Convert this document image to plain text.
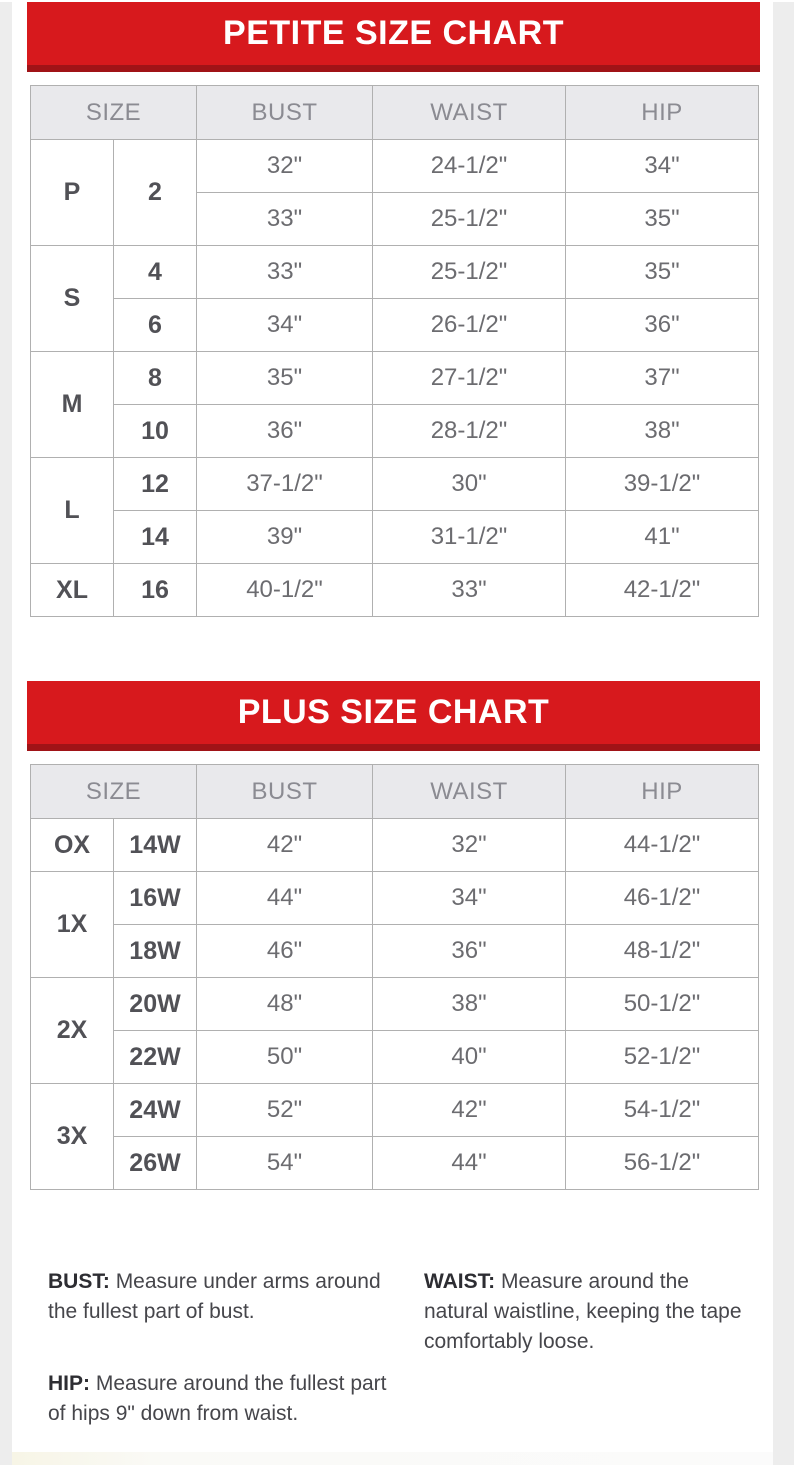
PETITE SIZE CHART
SIZE		BUST	WAIST	HIP
P	2	32"	24-1/2"	34"
		33"	25-1/2"	35"
S	4	33"	25-1/2"	35"
	6	34"	26-1/2"	36"
M	8	35"	27-1/2"	37"
	10	36"	28-1/2"	38"
L	12	37-1/2"	30"	39-1/2"
	14	39"	31-1/2"	41"
XL	16	40-1/2"	33"	42-1/2"
PLUS SIZE CHART
SIZE		BUST	WAIST	HIP
OX	14W	42"	32"	44-1/2"
1X	16W	44"	34"	46-1/2"
	18W	46"	36"	48-1/2"
2X	20W	48"	38"	50-1/2"
	22W	50"	40"	52-1/2"
3X	24W	52"	42"	54-1/2"
	26W	54"	44"	56-1/2"

BUST: Measure under arms around the fullest part of bust.

HIP: Measure around the fullest part of hips 9" down from waist.

WAIST: Measure around the natural waistline, keeping the tape comfortably loose.
